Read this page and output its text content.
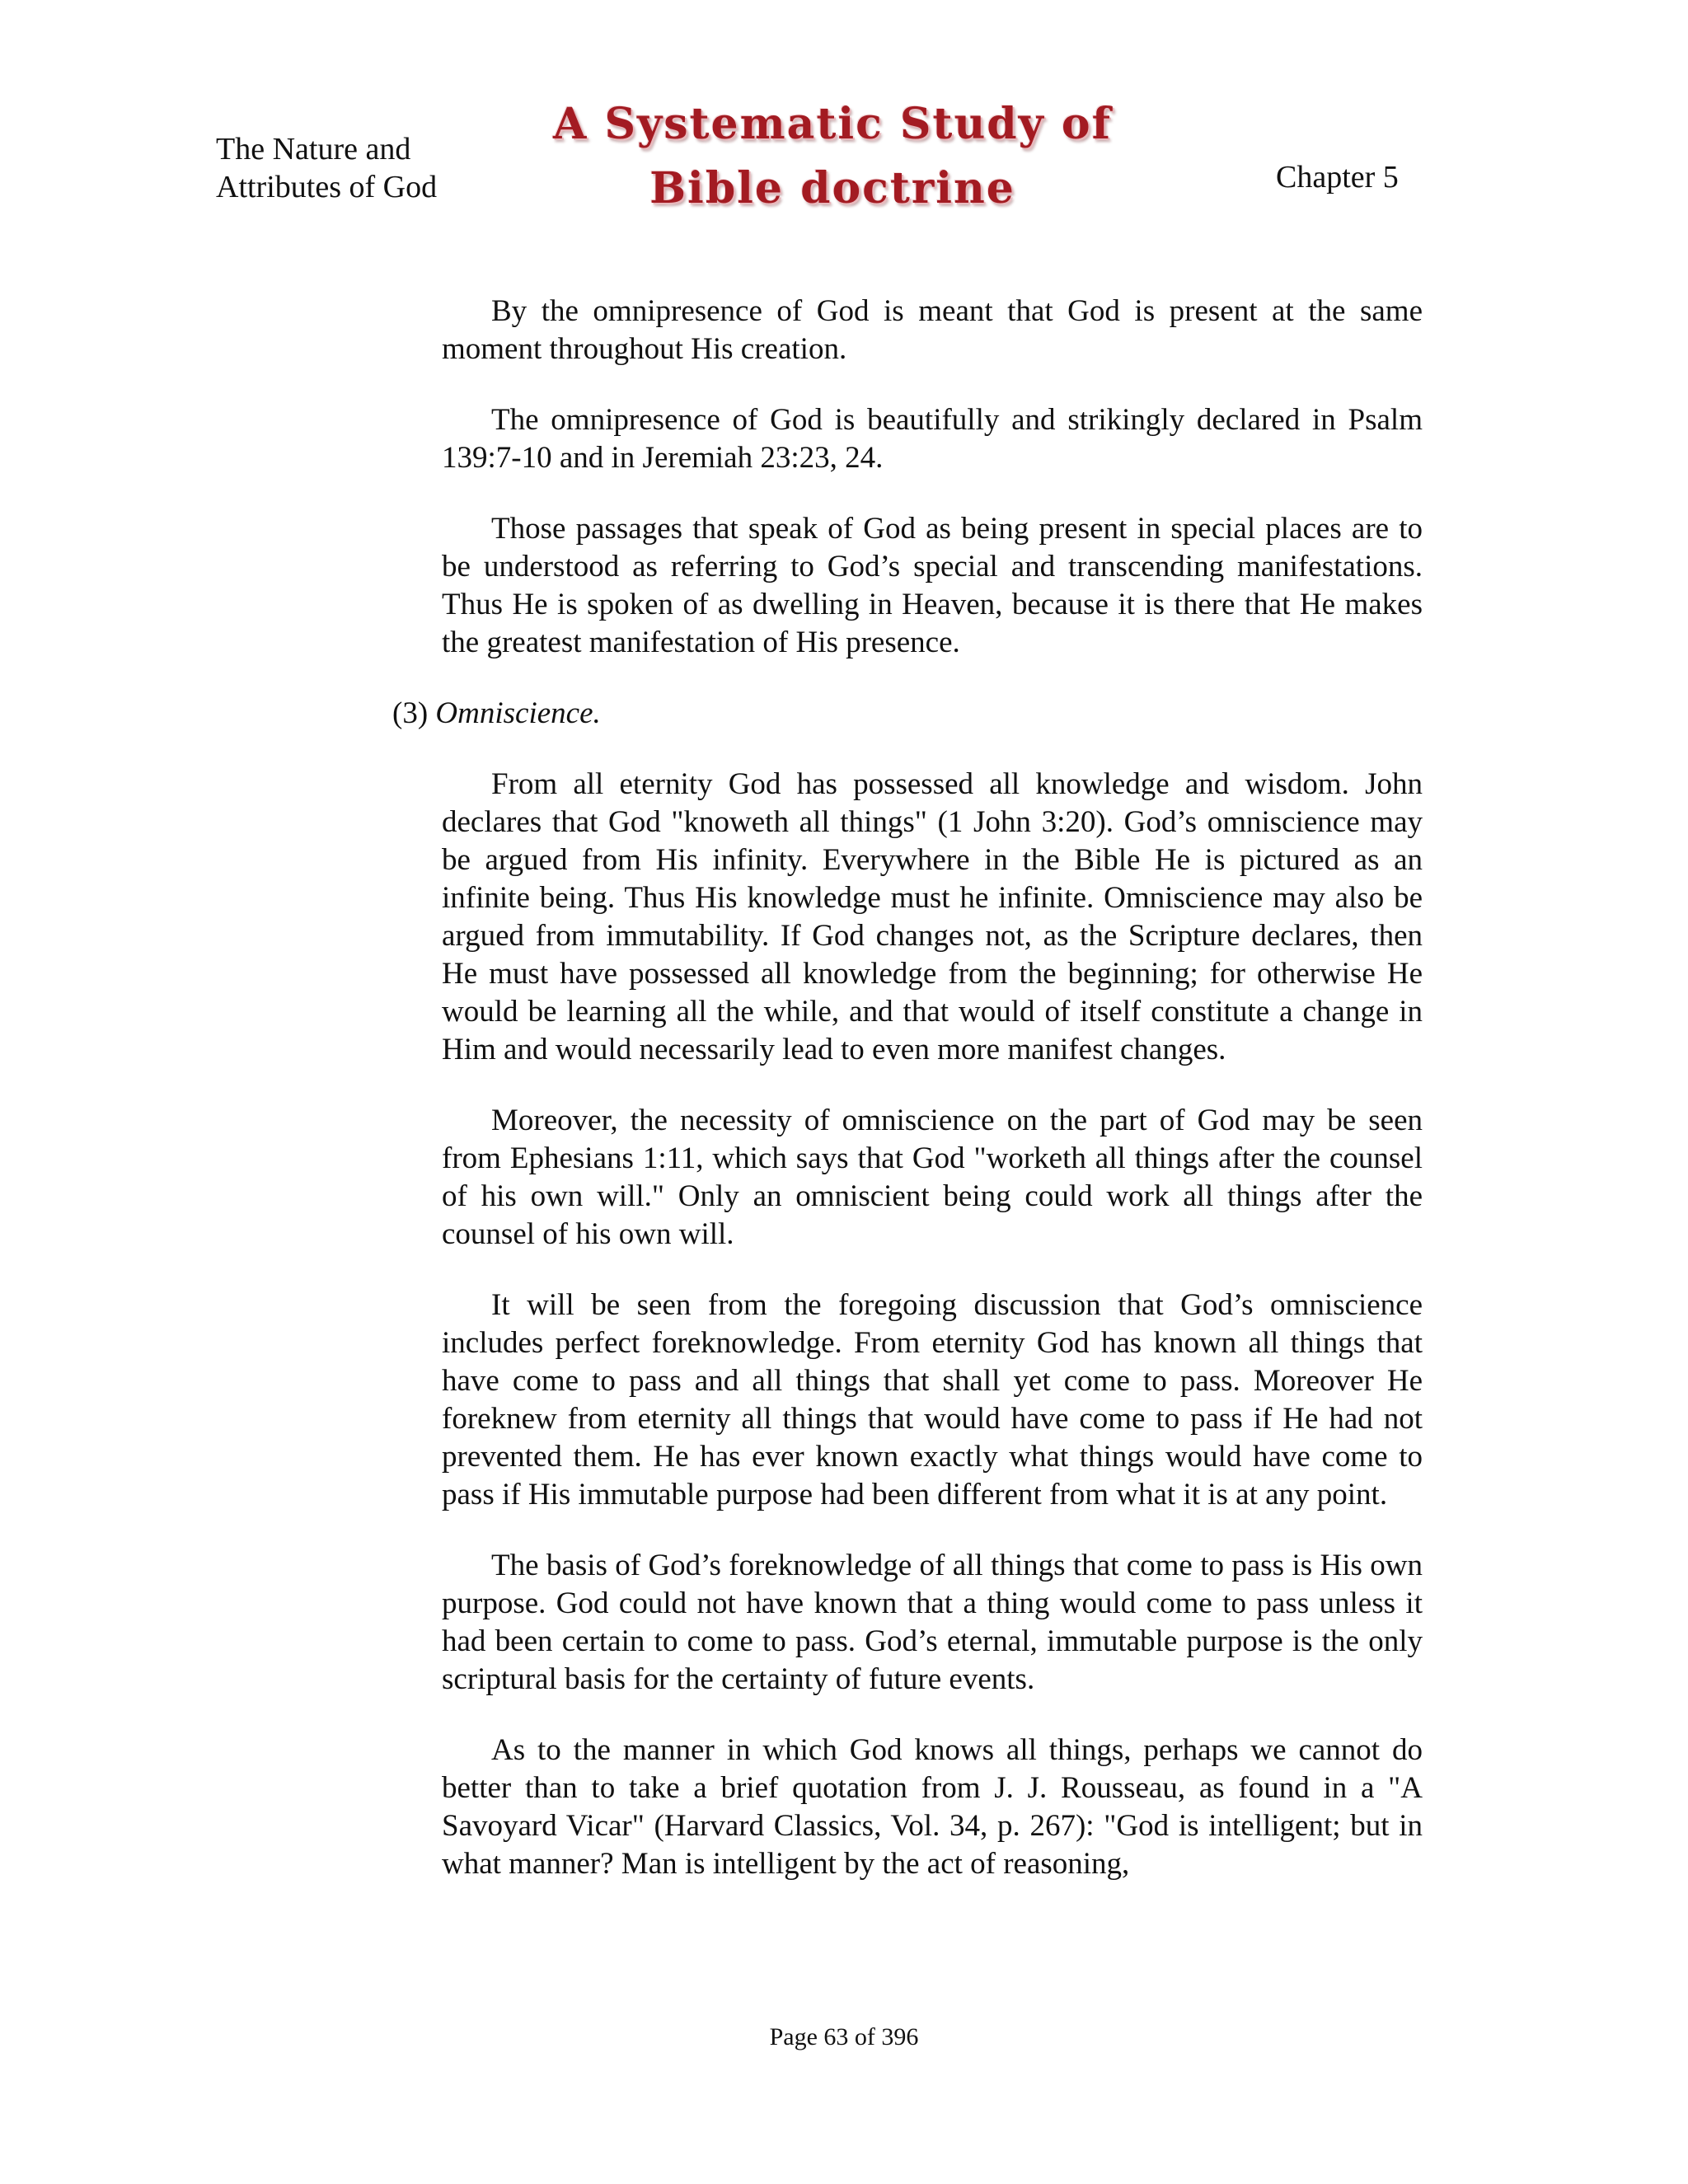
The Nature and
Attributes of God
A Systematic Study of
Bible doctrine	Chapter 5

By the omnipresence of God is meant that God is present at the same moment throughout His creation.

The omnipresence of God is beautifully and strikingly declared in Psalm 139:7-10 and in Jeremiah 23:23, 24.

Those passages that speak of God as being present in special places are to be understood as referring to God’s special and transcending manifestations. Thus He is spoken of as dwelling in Heaven, because it is there that He makes the greatest manifestation of His presence.

(3) Omniscience.

From all eternity God has possessed all knowledge and wisdom. John declares that God "knoweth all things" (1 John 3:20). God’s omniscience may be argued from His infinity. Everywhere in the Bible He is pictured as an infinite being. Thus His knowledge must he infinite. Omniscience may also be argued from immutability. If God changes not, as the Scripture declares, then He must have possessed all knowledge from the beginning; for otherwise He would be learning all the while, and that would of itself constitute a change in Him and would necessarily lead to even more manifest changes.

Moreover, the necessity of omniscience on the part of God may be seen from Ephesians 1:11, which says that God "worketh all things after the counsel of his own will." Only an omniscient being could work all things after the counsel of his own will.

It will be seen from the foregoing discussion that God’s omniscience includes perfect foreknowledge. From eternity God has known all things that have come to pass and all things that shall yet come to pass. Moreover He foreknew from eternity all things that would have come to pass if He had not prevented them. He has ever known exactly what things would have come to pass if His immutable purpose had been different from what it is at any point.

The basis of God’s foreknowledge of all things that come to pass is His own purpose. God could not have known that a thing would come to pass unless it had been certain to come to pass. God’s eternal, immutable purpose is the only scriptural basis for the certainty of future events.

As to the manner in which God knows all things, perhaps we cannot do better than to take a brief quotation from J. J. Rousseau, as found in a "A Savoyard Vicar" (Harvard Classics, Vol. 34, p. 267): "God is intelligent; but in what manner? Man is intelligent by the act of reasoning,

Page 63 of 396
